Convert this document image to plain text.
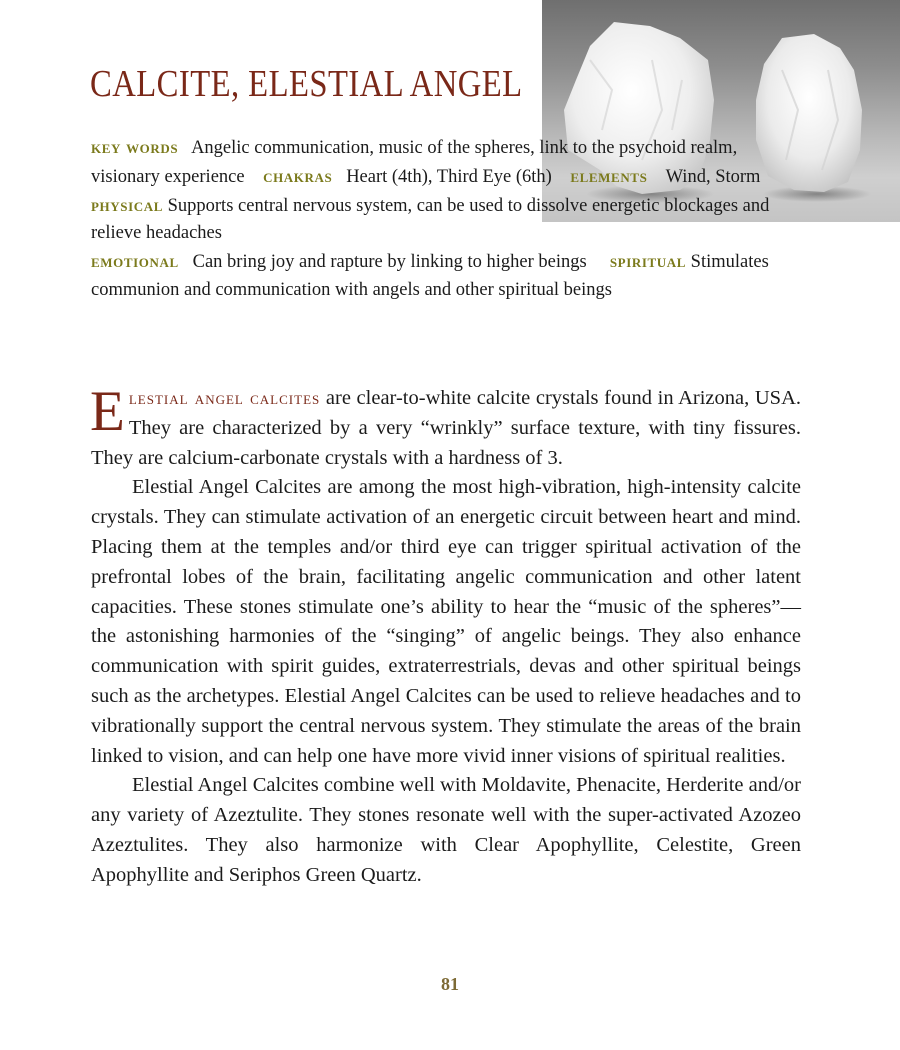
CALCITE, ELESTIAL ANGEL

key words Angelic communication, music of the spheres, link to the psychoid realm, visionary experience chakras Heart (4th), Third Eye (6th) elements Wind, Storm    physical Supports central nervous system, can be used to dissolve energetic blockages and relieve headaches
emotional Can bring joy and rapture by linking to higher beings spiritual Stimulates communion and communication with angels and other spiritual beings

Elestial angel calcites are clear-to-white calcite crystals found in Arizona, USA. They are characterized by a very “wrinkly” surface texture, with tiny fissures. They are calcium-carbonate crystals with a hardness of 3.

Elestial Angel Calcites are among the most high-vibration, high-intensity calcite crystals. They can stimulate activation of an energetic circuit between heart and mind. Placing them at the temples and/or third eye can trigger spiritual activation of the prefrontal lobes of the brain, facilitating angelic communication and other latent capacities. These stones stimulate one’s ability to hear the “music of the spheres”—the astonishing harmonies of the “singing” of angelic beings. They also enhance communication with spirit guides, extraterrestrials, devas and other spiritual beings such as the archetypes. Elestial Angel Calcites can be used to relieve headaches and to vibrationally support the central nervous system. They stimulate the areas of the brain linked to vision, and can help one have more vivid inner visions of spiritual realities.

Elestial Angel Calcites combine well with Moldavite, Phenacite, Herderite and/or any variety of Azeztulite. They stones resonate well with the super-activated Azozeo Azeztulites. They also harmonize with Clear Apophyllite, Celestite, Green Apophyllite and Seriphos Green Quartz.

81
